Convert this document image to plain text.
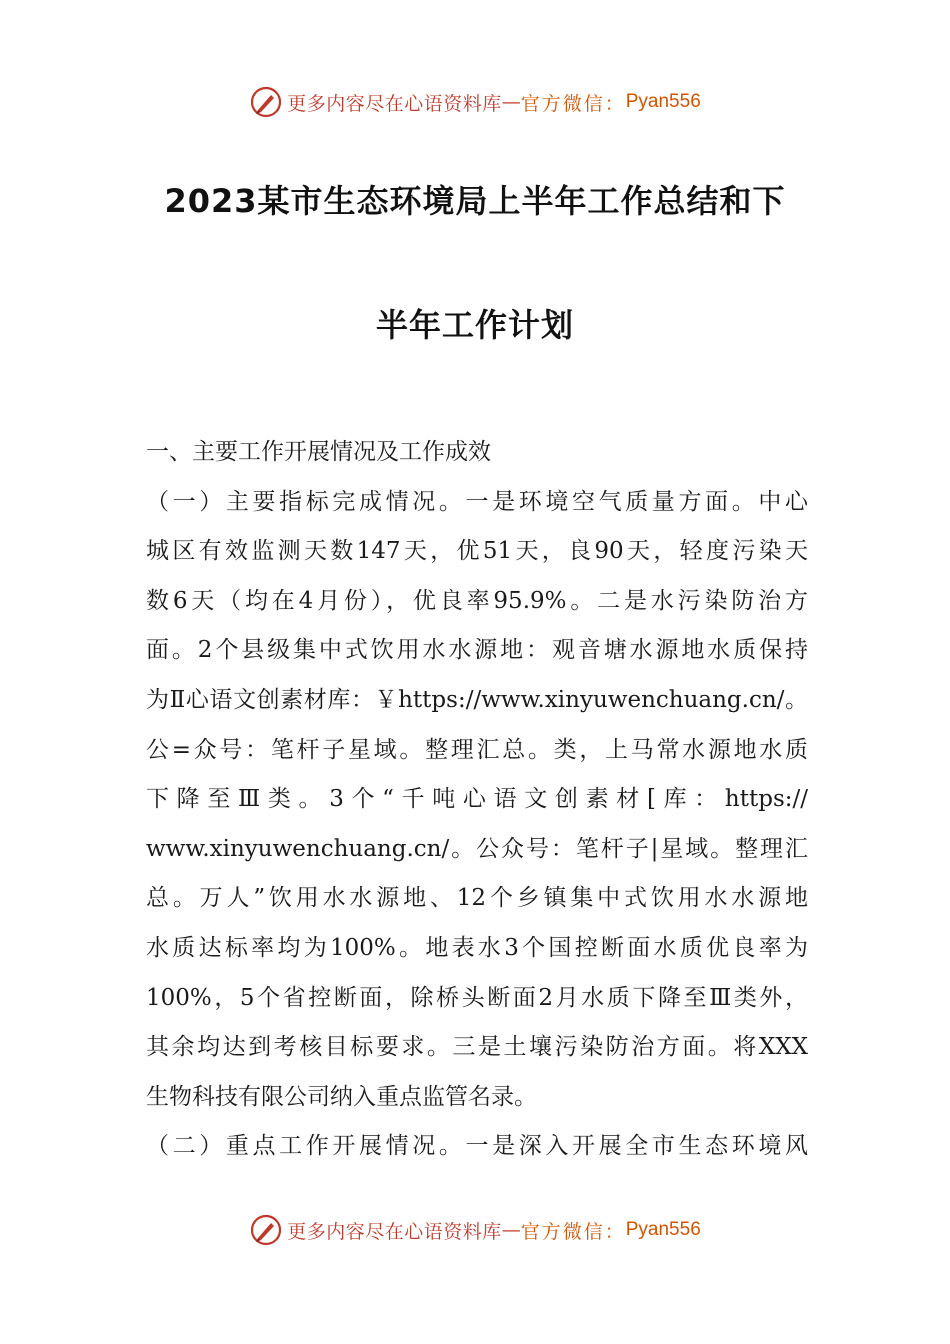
更多内容尽在心语资料库 — 官方微信： Pyan556
2023某市生态环境局上半年工作总结和下
半年工作计划
一、主要工作开展情况及工作成效
（一）主要指标完成情况。一是环境空气质量方面。中心
城区有效监测天数147天，优51天，良90天，轻度污染天
数6天（均在4月份），优良率95.9%。二是水污染防治方
面。2个县级集中式饮用水水源地：观音塘水源地水质保持
为Ⅱ心语文创素材库：￥https://www.xinyuwenchuang.cn/。
公=众号：笔杆子星域。整理汇总。类，上马常水源地水质
下降至Ⅲ类。3个“千吨心语文创素材[库：https://
www.xinyuwenchuang.cn/。公众号：笔杆子|星域。整理汇
总。万人”饮用水水源地、12个乡镇集中式饮用水水源地
水质达标率均为100%。地表水3个国控断面水质优良率为
100%，5个省控断面，除桥头断面2月水质下降至Ⅲ类外，
其余均达到考核目标要求。三是土壤污染防治方面。将XXX
生物科技有限公司纳入重点监管名录。
（二）重点工作开展情况。一是深入开展全市生态环境风
更多内容尽在心语资料库 — 官方微信： Pyan556
